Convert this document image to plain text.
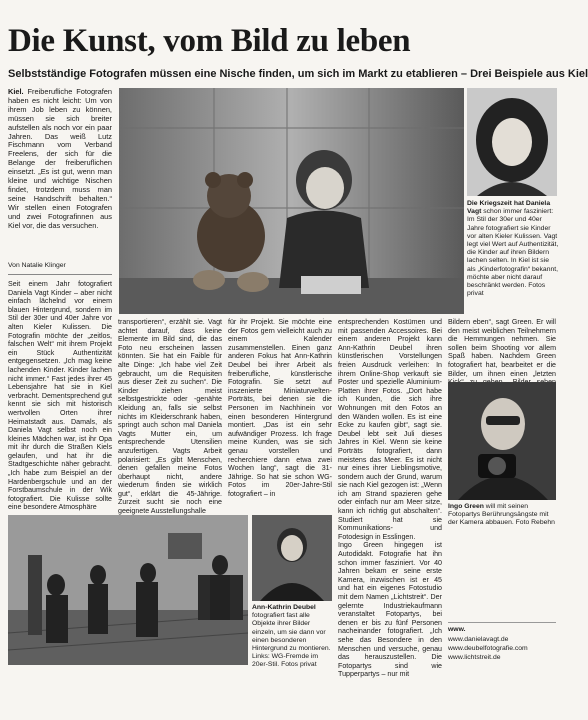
Die Kunst, vom Bild zu leben
Selbstständige Fotografen müssen eine Nische finden, um sich im Markt zu etablieren – Drei Beispiele aus Kiel
Kiel. Freiberufliche Fotografen haben es nicht leicht: Um von ihrem Job leben zu können, müssen sie sich breiter aufstellen als noch vor ein paar Jahren. Das weiß Lutz Fischmann vom Verband Freelens, der sich für die Belange der freiberuflichen einsetzt. „Es ist gut, wenn man kleine und wichtige Nischen findet, trotzdem muss man seine Handschrift behalten.“ Wir stellen einen Fotografen und zwei Fotografinnen aus Kiel vor, die das versuchen.
Von Natalie Klinger
Die Kriegszeit hat Daniela Vagt schon immer fasziniert: Im Stil der 30er und 40er Jahre fotografiert sie Kinder vor alten Kieler Kulissen. Vagt legt viel Wert auf Authentizität, die Kinder auf ihren Bildern lachen selten. In Kiel ist sie als „Kinderfotografin“ bekannt, möchte aber nicht darauf beschränkt werden. Fotos privat
Seit einem Jahr fotografiert Daniela Vagt Kinder – aber nicht einfach lächelnd vor einem blauen Hintergrund, sondern im Stil der 30er und 40er Jahre vor alten Kieler Kulissen. Die Fotografin möchte der „zeitlos, falschen Welt“ mit ihrem Projekt ein Stück Authentizität entgegensetzen. „Ich mag keine lachenden Kinder. Kinder lachen nicht immer.“ Fast jedes ihrer 45 Lebensjahre hat sie in Kiel verbracht. Dementsprechend gut kennt sie sich mit historisch wertvollen Orten ihrer Heimatstadt aus. Damals, als Daniela Vagt selbst noch ein kleines Mädchen war, ist ihr Opa mit ihr durch die Straßen Kiels gelaufen, und hat ihr die Stadtgeschichte näher gebracht. „Ich habe zum Beispiel an der Hardenbergschule und an der Forstbaumschule in der Wik fotografiert. Die Kulisse sollte eine besondere Atmosphäre
transportieren“, erzählt sie. Vagt achtet darauf, dass keine Elemente im Bild sind, die das Foto neu erscheinen lassen könnten. Sie hat ein Faible für alte Dinge: „Ich habe viel Zeit gebraucht, um die Requisiten aus dieser Zeit zu suchen“. Die Kinder ziehen meist selbstgestrickte oder -genähte Kleidung an, falls sie selbst nichts im Kleiderschrank haben, springt auch schon mal Daniela Vagts Mutter ein, um entsprechende Utensilien anzufertigen. Vagts Arbeit polarisiert: „Es gibt Menschen, denen gefallen meine Fotos überhaupt nicht, andere wiederum finden sie wirklich gut“, erklärt die 45-Jährige. Zurzeit sucht sie noch eine geeignete Ausstellungshalle
für ihr Projekt. Sie möchte eine der Fotos gern vielleicht auch zu einem Kalender zusammenstellen. Einen ganz anderen Fokus hat Ann-Kathrin Deubel bei ihrer Arbeit als freiberufliche, künstlerische Fotografin. Sie setzt auf inszenierte Miniaturwelten-Porträts, bei denen sie die Personen im Nachhinein vor einen besonderen Hintergrund montiert. „Das ist ein sehr aufwändiger Prozess. Ich frage meine Kunden, was sie sich genau vorstellen und recherchiere dann etwa zwei Wochen lang“, sagt die 31-Jährige. So hat sie schon WG-Fotos im 20er-Jahre-Stil fotografiert – in

entsprechenden Kostümen und mit passenden Accessoires. Bei einem anderen Projekt kann Ann-Kathrin Deubel ihren künstlerischen Vorstellungen freien Ausdruck verleihen: In ihrem Online-Shop verkauft sie Poster und spezielle Aluminium-Platten ihrer Fotos. „Dort habe ich Kunden, die sich ihre Wohnungen mit den Fotos an den Wänden wollen. Es ist eine Ecke zu kaufen gibt“, sagt sie. Deubel lebt seit Juli dieses Jahres in Kiel. Wenn sie keine Porträts fotografiert, dann meistens das Meer. Es ist nicht nur eines ihrer Lieblingsmotive, sondern auch der Grund, warum sie nach Kiel gezogen ist: „Wenn ich am Strand spazieren gehe oder einfach nur am Meer sitze, kann ich richtig gut abschalten“. Studiert hat sie Kommunikations- und Fotodesign in Esslingen.

Ingo Green hingegen ist Autodidakt. Fotografie hat ihn schon immer fasziniert. Vor 40 Jahren bekam er seine erste Kamera, inzwischen ist er 45 und hat ein eigenes Fotostudio mit dem Namen „Lichtstreit“. Der gelernte Industriekaufmann veranstaltet Fotopartys, bei denen er bis zu fünf Personen nacheinander fotografiert. „Ich sehe das Besondere in den Menschen und versuche, genau das herauszustellen. Die Fotopartys sind wie Tupperpartys – nur mit

Bildern eben“, sagt Green. Er will den meist weiblichen Teilnehmern die Hemmungen nehmen. Sie sollen beim Shooting vor allem Spaß haben. Nachdem Green fotografiert hat, bearbeitet er die Bilder, um ihnen einen „letzten
Ingo Green will mit seinen Fotopartys Berührungsängste mit der Kamera abbauen. Foto Rebehn
Ann-Kathrin Deubel fotografiert fast alle Objekte ihrer Bilder einzeln, um sie dann vor einen besonderen Hintergrund zu montieren. Links: WG-Fremde im 20er-Stil. Fotos privat
www.
www.danielavagt.de
www.deubelfotografie.com
www.lichtstreit.de
